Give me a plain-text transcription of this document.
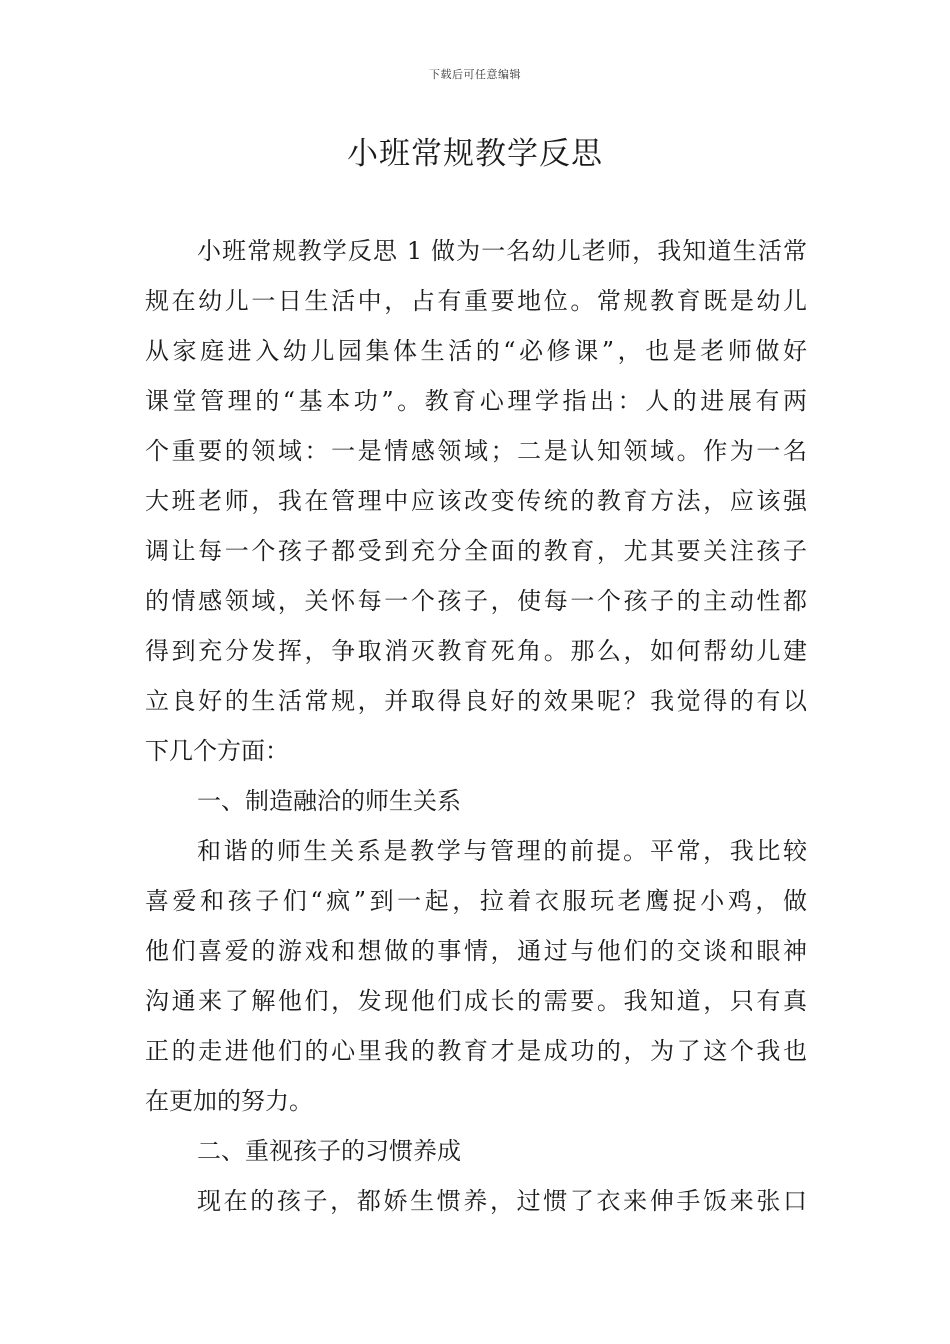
下载后可任意编辑
小班常规教学反思
小班常规教学反思 1 做为一名幼儿老师，我知道生活常
规在幼儿一日生活中，占有重要地位。常规教育既是幼儿
从家庭进入幼儿园集体生活的“必修课”，也是老师做好
课堂管理的“基本功”。教育心理学指出：人的进展有两
个重要的领域：一是情感领域；二是认知领域。作为一名
大班老师，我在管理中应该改变传统的教育方法，应该强
调让每一个孩子都受到充分全面的教育，尤其要关注孩子
的情感领域，关怀每一个孩子，使每一个孩子的主动性都
得到充分发挥，争取消灭教育死角。那么，如何帮幼儿建
立良好的生活常规，并取得良好的效果呢？我觉得的有以
下几个方面：
一、制造融洽的师生关系
和谐的师生关系是教学与管理的前提。平常，我比较
喜爱和孩子们“疯”到一起，拉着衣服玩老鹰捉小鸡，做
他们喜爱的游戏和想做的事情，通过与他们的交谈和眼神
沟通来了解他们，发现他们成长的需要。我知道，只有真
正的走进他们的心里我的教育才是成功的，为了这个我也
在更加的努力。
二、重视孩子的习惯养成
现在的孩子，都娇生惯养，过惯了衣来伸手饭来张口
